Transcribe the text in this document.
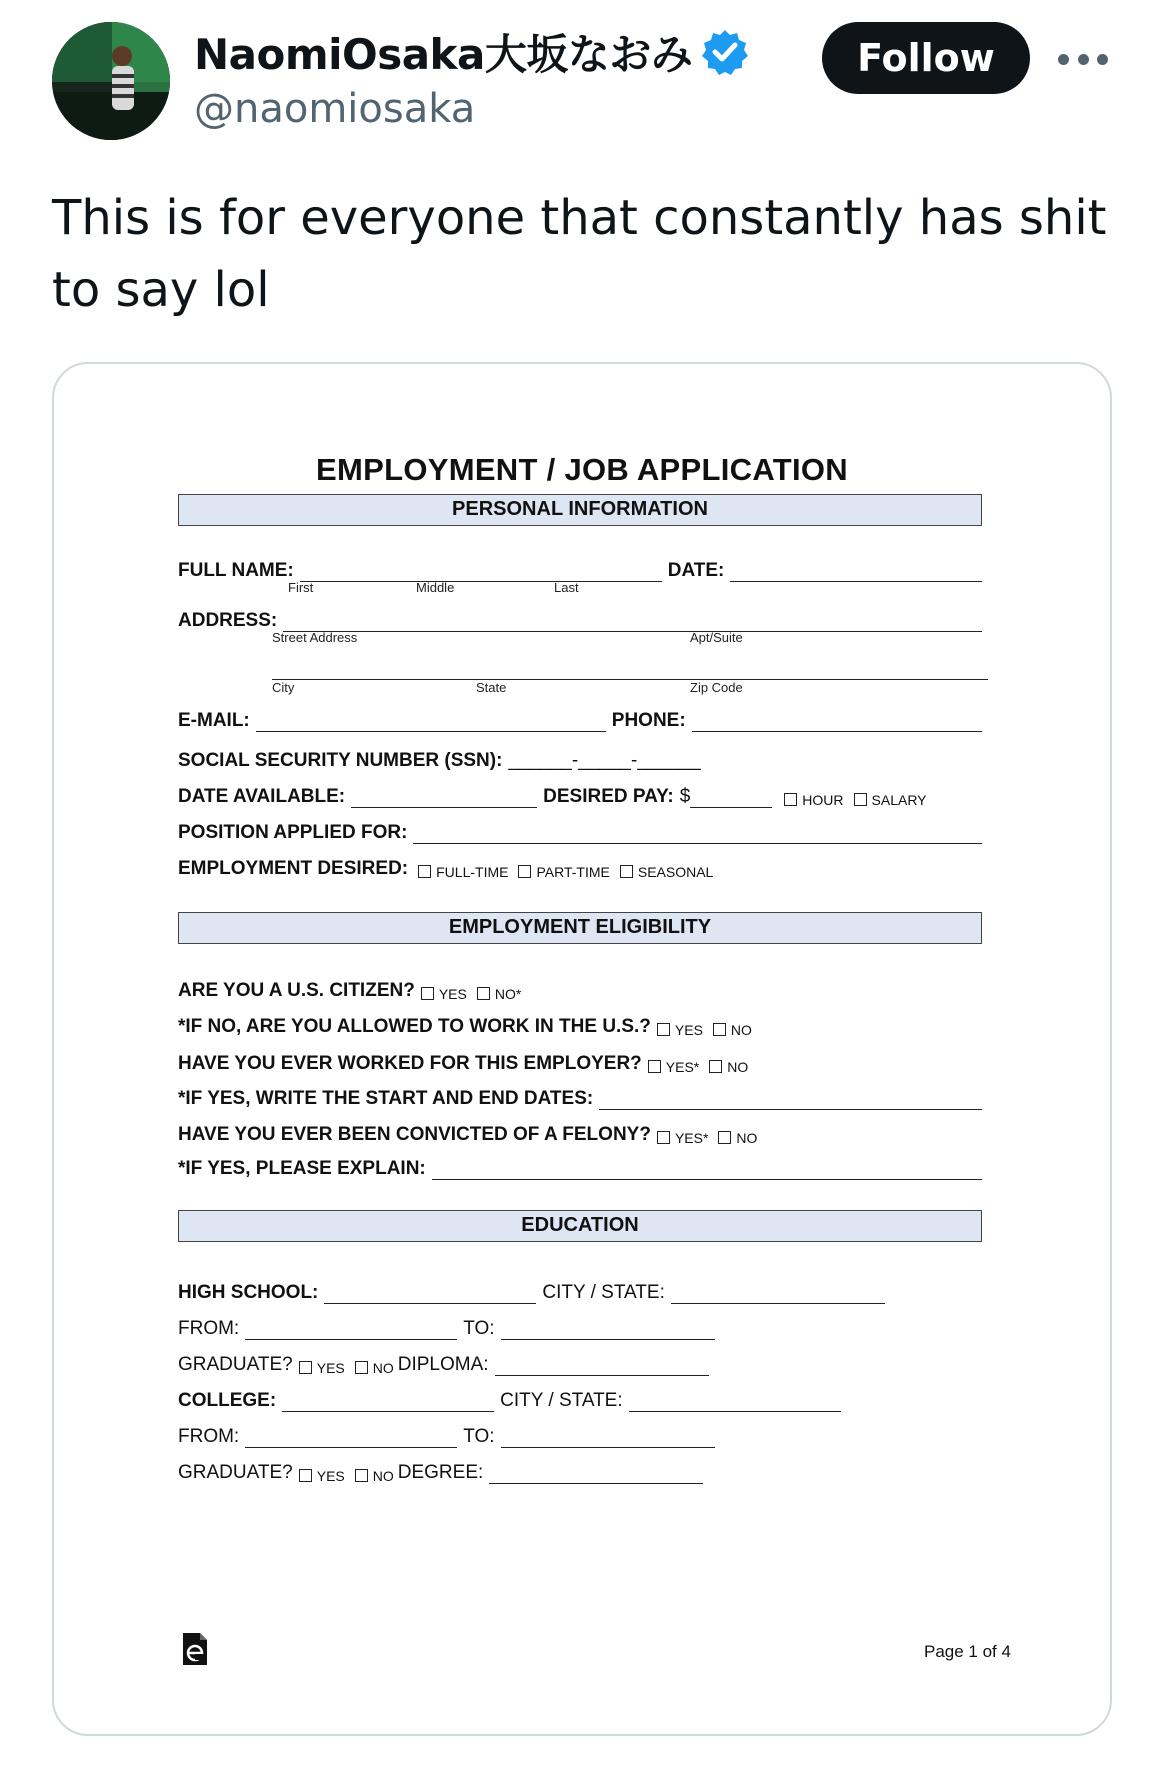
NaomiOsaka大坂なおみ
@naomiosaka
Follow
This is for everyone that constantly has shit to say lol
EMPLOYMENT / JOB APPLICATION
PERSONAL INFORMATION
FULL NAME:	DATE:
First	Middle	Last
ADDRESS:
Street Address	Apt/Suite
City	State	Zip Code
E-MAIL:	PHONE:
SOCIAL SECURITY NUMBER (SSN): ______-_____-______
DATE AVAILABLE:	DESIRED PAY: $	HOUR SALARY
POSITION APPLIED FOR:
EMPLOYMENT DESIRED: FULL-TIME PART-TIME SEASONAL
EMPLOYMENT ELIGIBILITY
ARE YOU A U.S. CITIZEN? YES NO*
*IF NO, ARE YOU ALLOWED TO WORK IN THE U.S.? YES NO
HAVE YOU EVER WORKED FOR THIS EMPLOYER? YES* NO
*IF YES, WRITE THE START AND END DATES:
HAVE YOU EVER BEEN CONVICTED OF A FELONY? YES* NO
*IF YES, PLEASE EXPLAIN:
EDUCATION
HIGH SCHOOL:	CITY / STATE:
FROM:	TO:
GRADUATE? YES NO DIPLOMA:
COLLEGE:	CITY / STATE:
FROM:	TO:
GRADUATE? YES NO DEGREE:
Page 1 of 4
